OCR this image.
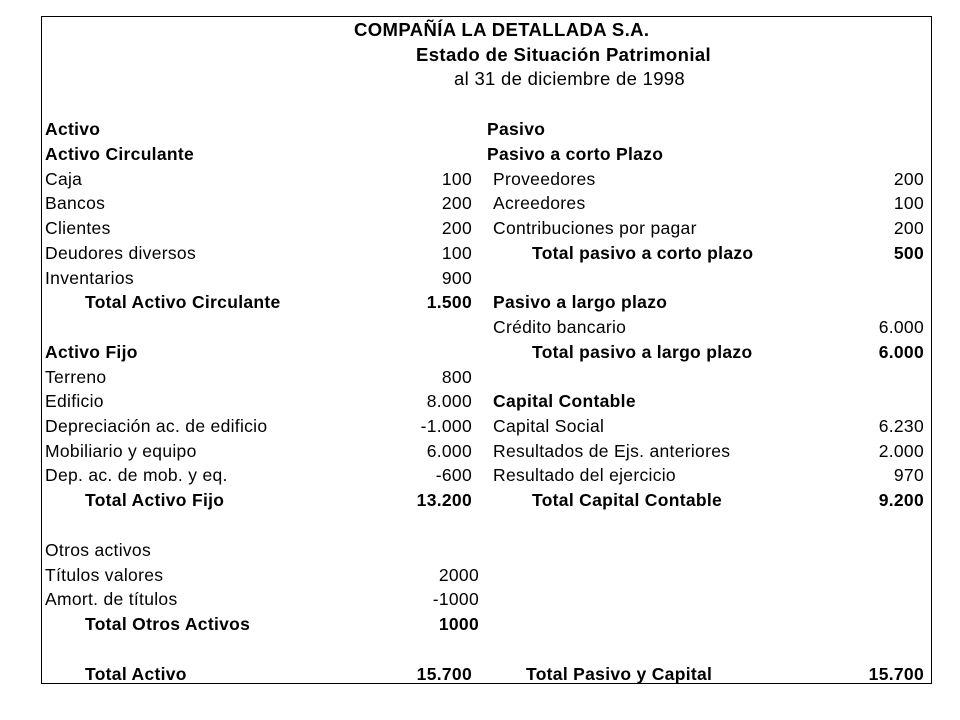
COMPAÑÍA LA DETALLADA S.A.
Estado de Situación Patrimonial
al 31 de diciembre de 1998
Activo
Activo Circulante
Caja	100
Bancos	200
Clientes	200
Deudores diversos	100
Inventarios	900
Total Activo Circulante	1.500
Activo Fijo
Terreno	800
Edificio	8.000
Depreciación ac. de edificio	-1.000
Mobiliario y equipo	6.000
Dep. ac. de mob. y eq.	-600
Total Activo Fijo	13.200
Otros activos
Títulos valores	2000
Amort. de títulos	-1000
Total Otros Activos	1000
Total Activo	15.700
Pasivo
Pasivo a corto Plazo
Proveedores	200
Acreedores	100
Contribuciones por pagar	200
Total pasivo a corto plazo	500
Pasivo a largo plazo
Crédito bancario	6.000
Total pasivo a largo plazo	6.000
Capital Contable
Capital Social	6.230
Resultados de Ejs. anteriores	2.000
Resultado del ejercicio	970
Total Capital Contable	9.200
Total Pasivo y Capital	15.700
